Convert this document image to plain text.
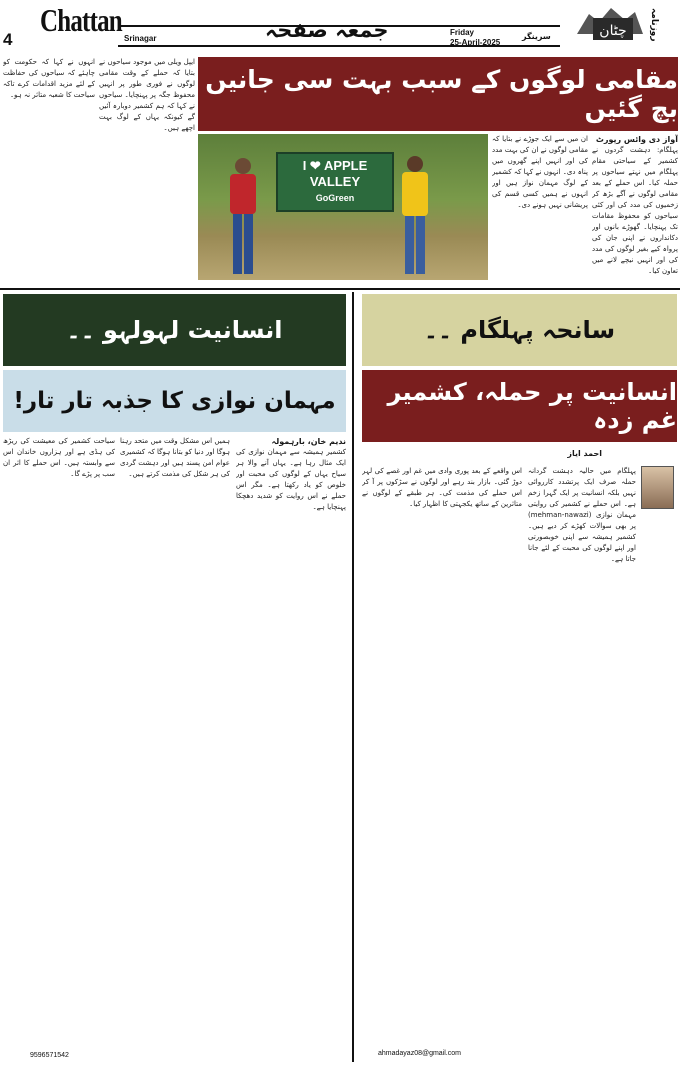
4
Chattan
Srinagar	جمعہ صفحہ	Friday
25-April-2025
سرینگر	چٹان روزنامہ
مقامی لوگوں کے سبب بہت سی جانیں بچ گئیں
I ❤ APPLE VALLEY
GoGreen
آواز دی وائس رپورٹ
پہلگام: دہشت گردوں نے کشمیر کے سیاحتی مقام پہلگام میں نہتے سیاحوں پر حملہ کیا۔ اس حملے کے بعد مقامی لوگوں نے آگے بڑھ کر زخمیوں کی مدد کی اور کئی سیاحوں کو محفوظ مقامات تک پہنچایا۔ گھوڑے بانوں اور دکانداروں نے اپنی جان کی پرواہ کیے بغیر لوگوں کی مدد کی اور انہیں نیچے لانے میں تعاون کیا۔
ان میں سے ایک جوڑے نے بتایا کہ مقامی لوگوں نے ان کی بہت مدد کی اور انہیں اپنے گھروں میں پناہ دی۔ انہوں نے کہا کہ کشمیر کے لوگ مہمان نواز ہیں اور انہوں نے ہمیں کسی قسم کی پریشانی نہیں ہونے دی۔
ایپل ویلی میں موجود سیاحوں نے بتایا کہ حملے کے وقت مقامی لوگوں نے فوری طور پر انہیں محفوظ جگہ پر پہنچایا۔ سیاحوں نے کہا کہ ہم کشمیر دوبارہ آئیں گے کیونکہ یہاں کے لوگ بہت اچھے ہیں۔
انہوں نے کہا کہ حکومت کو چاہئے کہ سیاحوں کی حفاظت کے لئے مزید اقدامات کرے تاکہ سیاحت کا شعبہ متاثر نہ ہو۔
سانحہ پہلگام ۔۔
انسانیت پر حملہ، کشمیر غم زدہ
احمد ایاز
پہلگام میں حالیہ دہشت گردانہ حملہ صرف ایک پرتشدد کارروائی نہیں بلکہ انسانیت پر ایک گہرا زخم ہے۔ اس حملے نے کشمیر کی روایتی مہمان نوازی (mehman-nawazi) پر بھی سوالات کھڑے کر دیے ہیں۔ کشمیر ہمیشہ سے اپنی خوبصورتی اور اپنے لوگوں کی محبت کے لئے جانا جاتا ہے۔
اس واقعے کے بعد پوری وادی میں غم اور غصے کی لہر دوڑ گئی۔ بازار بند رہے اور لوگوں نے سڑکوں پر آ کر اس حملے کی مذمت کی۔ ہر طبقے کے لوگوں نے متاثرین کے ساتھ یکجہتی کا اظہار کیا۔
ahmadayaz08@gmail.com
انسانیت لہولہو ۔۔
مہمان نوازی کا جذبہ تار تار!
ندیم خان، بارہمولہ
کشمیر ہمیشہ سے مہمان نوازی کی ایک مثال رہا ہے۔ یہاں آنے والا ہر سیاح یہاں کے لوگوں کی محبت اور خلوص کو یاد رکھتا ہے۔ مگر اس حملے نے اس روایت کو شدید دھچکا پہنچایا ہے۔
ہمیں اس مشکل وقت میں متحد رہنا ہوگا اور دنیا کو بتانا ہوگا کہ کشمیری عوام امن پسند ہیں اور دہشت گردی کی ہر شکل کی مذمت کرتے ہیں۔
سیاحت کشمیر کی معیشت کی ریڑھ کی ہڈی ہے اور ہزاروں خاندان اس سے وابستہ ہیں۔ اس حملے کا اثر ان سب پر پڑے گا۔
9596571542
